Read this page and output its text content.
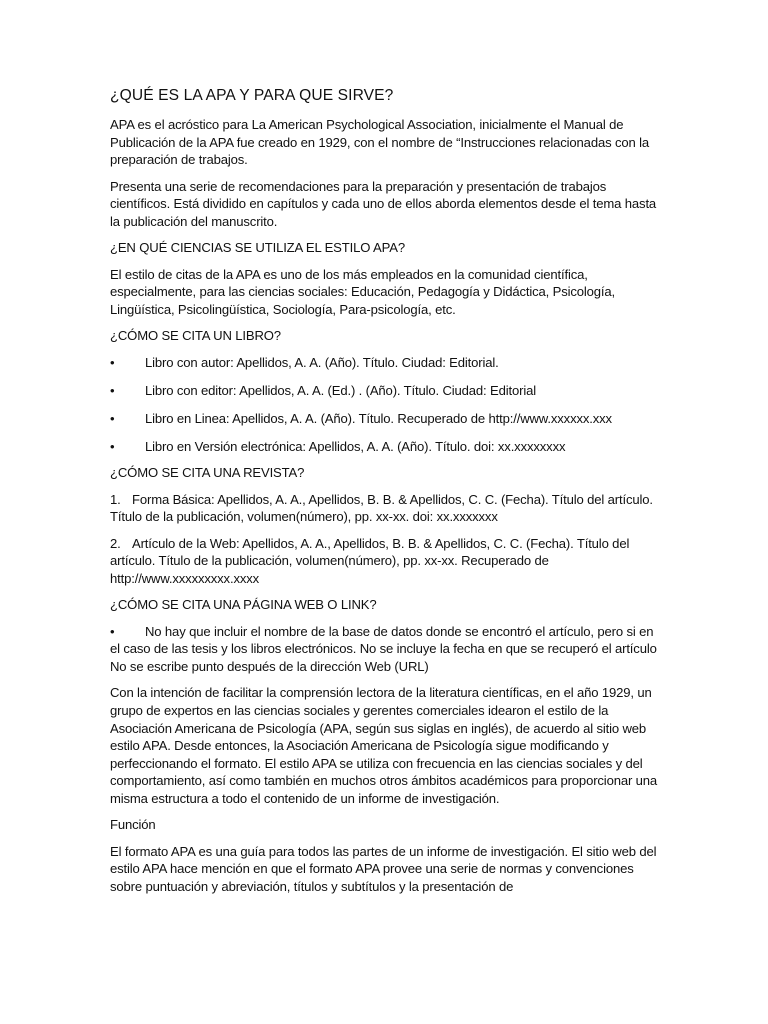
¿QUÉ ES LA APA Y PARA QUE SIRVE?

APA es el acróstico para La American Psychological Association, inicialmente el Manual de Publicación de la APA fue creado en 1929, con el nombre de “Instrucciones relacionadas con la preparación de trabajos.

Presenta una serie de recomendaciones para la preparación y presentación de trabajos científicos. Está dividido en capítulos y cada uno de ellos aborda elementos desde el tema hasta la publicación del manuscrito.

¿EN QUÉ CIENCIAS SE UTILIZA EL ESTILO APA?

El estilo de citas de la APA es uno de los más empleados en la comunidad científica, especialmente, para las ciencias sociales: Educación, Pedagogía y Didáctica, Psicología, Lingüística, Psicolingüística, Sociología, Para-psicología, etc.

¿CÓMO SE CITA UN LIBRO?
•	Libro con autor: Apellidos, A. A. (Año). Título. Ciudad: Editorial.
•	Libro con editor: Apellidos, A. A. (Ed.) . (Año). Título. Ciudad: Editorial
•	Libro en Linea: Apellidos, A. A. (Año). Título. Recuperado de http://www.xxxxxx.xxx
•	Libro en Versión electrónica: Apellidos, A. A. (Año). Título. doi: xx.xxxxxxxx
¿CÓMO SE CITA UNA REVISTA?
1. Forma Básica: Apellidos, A. A., Apellidos, B. B. & Apellidos, C. C. (Fecha). Título del artículo. Título de la publicación, volumen(número), pp. xx-xx. doi: xx.xxxxxxx
2. Artículo de la Web: Apellidos, A. A., Apellidos, B. B. & Apellidos, C. C. (Fecha). Título del artículo. Título de la publicación, volumen(número), pp. xx-xx. Recuperado de http://www.xxxxxxxxx.xxxx
¿CÓMO SE CITA UNA PÁGINA WEB O LINK?
• No hay que incluir el nombre de la base de datos donde se encontró el artículo, pero si en el caso de las tesis y los libros electrónicos. No se incluye la fecha en que se recuperó el artículo No se escribe punto después de la dirección Web (URL)

Con la intención de facilitar la comprensión lectora de la literatura científicas, en el año 1929, un grupo de expertos en las ciencias sociales y gerentes comerciales idearon el estilo de la Asociación Americana de Psicología (APA, según sus siglas en inglés), de acuerdo al sitio web estilo APA. Desde entonces, la Asociación Americana de Psicología sigue modificando y perfeccionando el formato. El estilo APA se utiliza con frecuencia en las ciencias sociales y del comportamiento, así como también en muchos otros ámbitos académicos para proporcionar una misma estructura a todo el contenido de un informe de investigación.

Función

El formato APA es una guía para todos las partes de un informe de investigación. El sitio web del estilo APA hace mención en que el formato APA provee una serie de normas y convenciones sobre puntuación y abreviación, títulos y subtítulos y la presentación de
